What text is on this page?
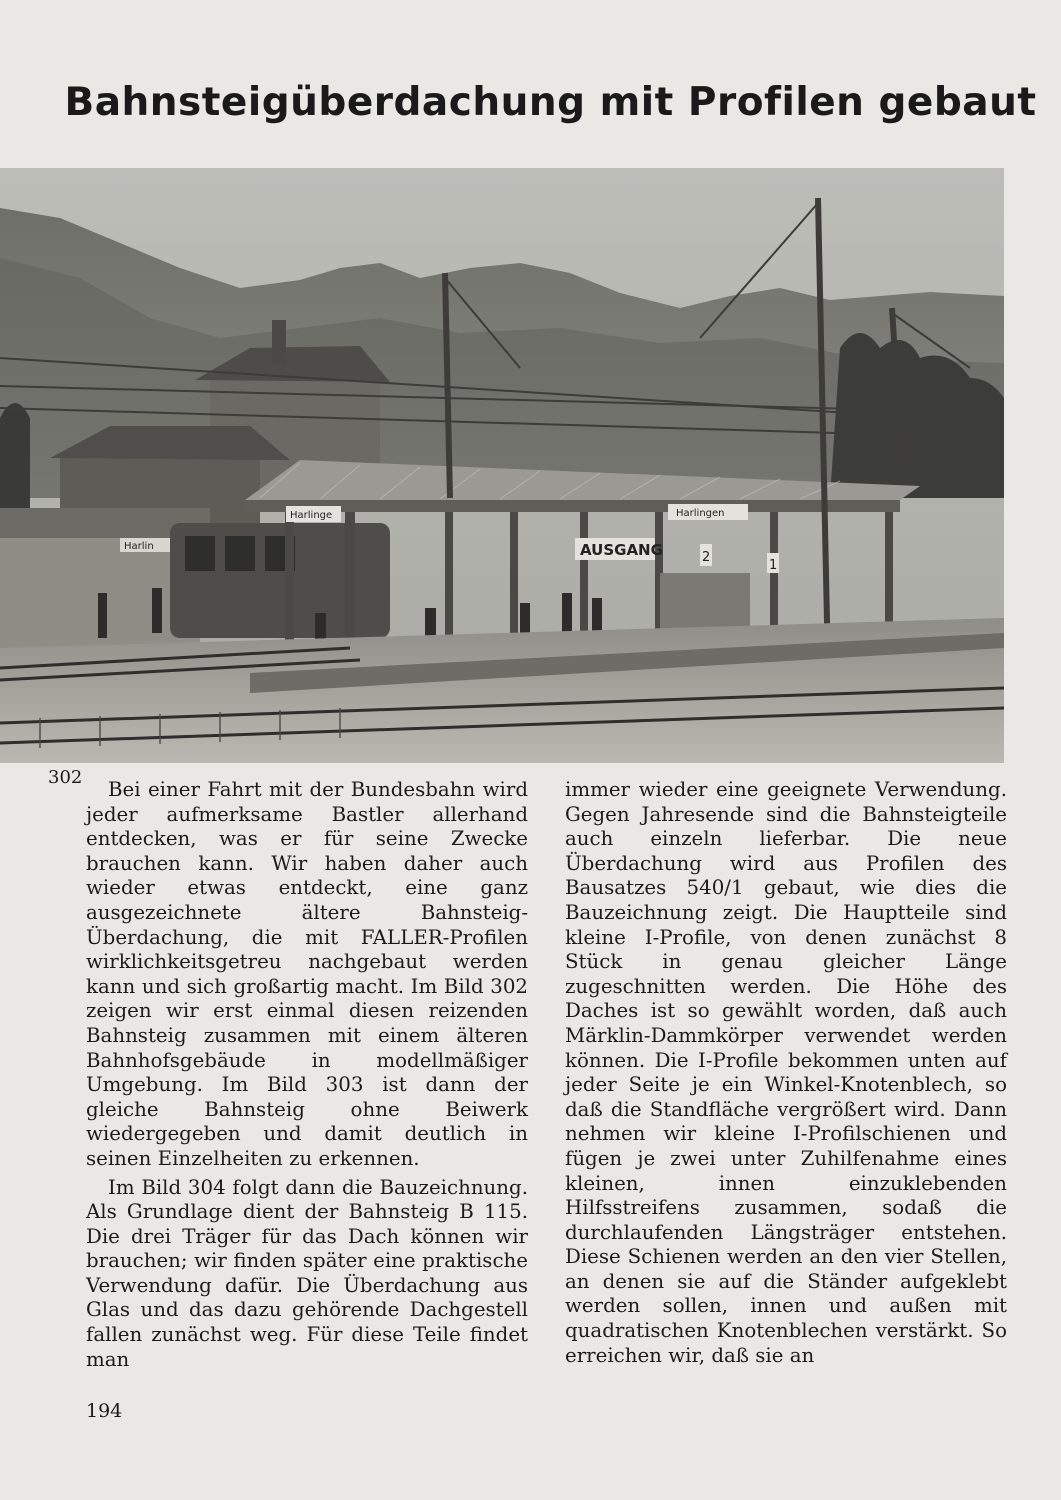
Bahnsteigüberdachung mit Profilen gebaut
Harlin
Harlinge	Harlingen
AUSGANG	2
1
302

Bei einer Fahrt mit der Bundesbahn wird jeder aufmerksame Bastler allerhand entdecken, was er für seine Zwecke brauchen kann. Wir haben daher auch wieder etwas entdeckt, eine ganz ausgezeichnete ältere Bahnsteig-Überdachung, die mit FALLER-Profilen wirklichkeitsgetreu nachgebaut werden kann und sich großartig macht. Im Bild 302 zeigen wir erst einmal diesen reizenden Bahnsteig zusammen mit einem älteren Bahnhofsgebäude in modellmäßiger Umgebung. Im Bild 303 ist dann der gleiche Bahnsteig ohne Beiwerk wiedergegeben und damit deutlich in seinen Einzelheiten zu erkennen.

Im Bild 304 folgt dann die Bauzeichnung. Als Grundlage dient der Bahnsteig B 115. Die drei Träger für das Dach können wir brauchen; wir finden später eine praktische Verwendung dafür. Die Überdachung aus Glas und das dazu gehörende Dachgestell fallen zunächst weg. Für diese Teile findet man

immer wieder eine geeignete Verwendung. Gegen Jahresende sind die Bahnsteigteile auch einzeln lieferbar. Die neue Überdachung wird aus Profilen des Bausatzes 540/1 gebaut, wie dies die Bauzeichnung zeigt. Die Hauptteile sind kleine I-Profile, von denen zunächst 8 Stück in genau gleicher Länge zugeschnitten werden. Die Höhe des Daches ist so gewählt worden, daß auch Märklin-Dammkörper verwendet werden können. Die I-Profile bekommen unten auf jeder Seite je ein Winkel-Knotenblech, so daß die Standfläche vergrößert wird. Dann nehmen wir kleine I-Profilschienen und fügen je zwei unter Zuhilfenahme eines kleinen, innen einzuklebenden Hilfsstreifens zusammen, sodaß die durchlaufenden Längsträger entstehen. Diese Schienen werden an den vier Stellen, an denen sie auf die Ständer aufgeklebt werden sollen, innen und außen mit quadratischen Knotenblechen verstärkt. So erreichen wir, daß sie an

194
